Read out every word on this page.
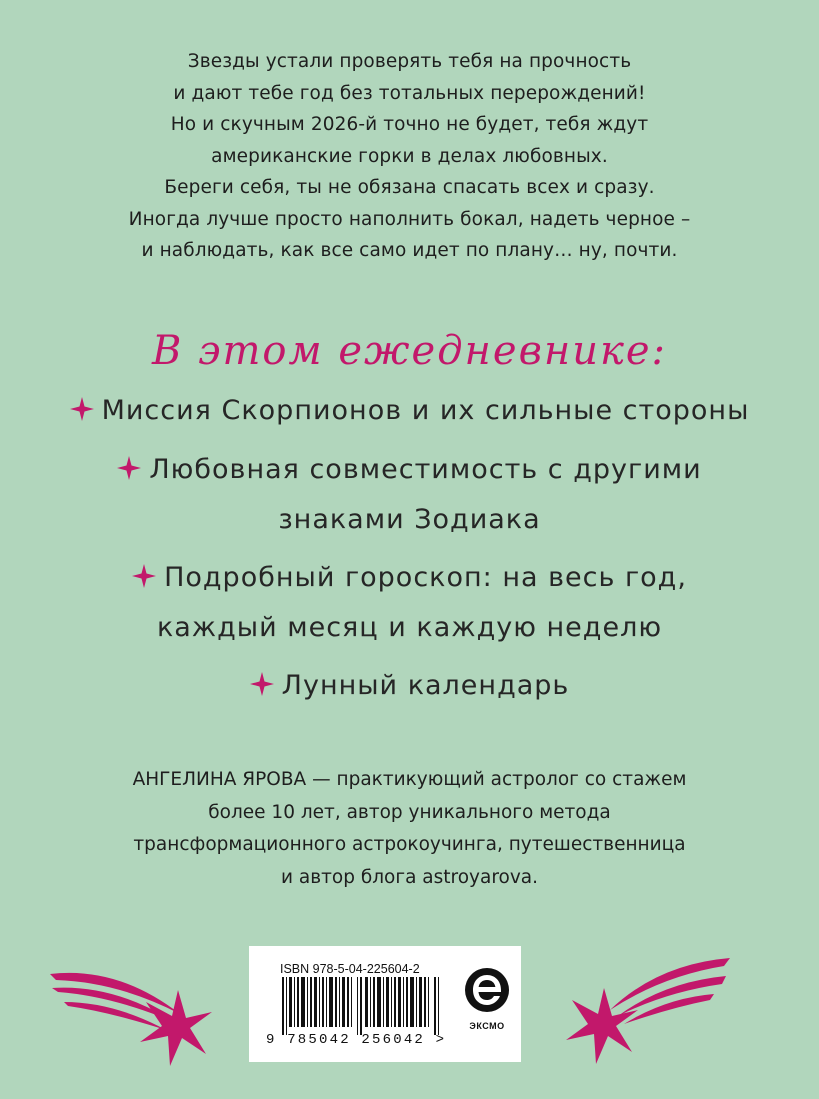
Звезды устали проверять тебя на прочность
и дают тебе год без тотальных перерождений!
Но и скучным 2026-й точно не будет, тебя ждут
американские горки в делах любовных.
Береги себя, ты не обязана спасать всех и сразу.
Иногда лучше просто наполнить бокал, надеть черное –
и наблюдать, как все само идет по плану… ну, почти.
В этом ежедневнике:
Миссия Скорпионов и их сильные стороны
Любовная совместимость с другими
знаками Зодиака
Подробный гороскоп: на весь год,
каждый месяц и каждую неделю
Лунный календарь
АНГЕЛИНА ЯРОВА — практикующий астролог со стажем
более 10 лет, автор уникального метода
трансформационного астрокоучинга, путешественница
и автор блога astroyarova.
ISBN 978-5-04-225604-2
9 785042 256042 >
ЭКСМО
